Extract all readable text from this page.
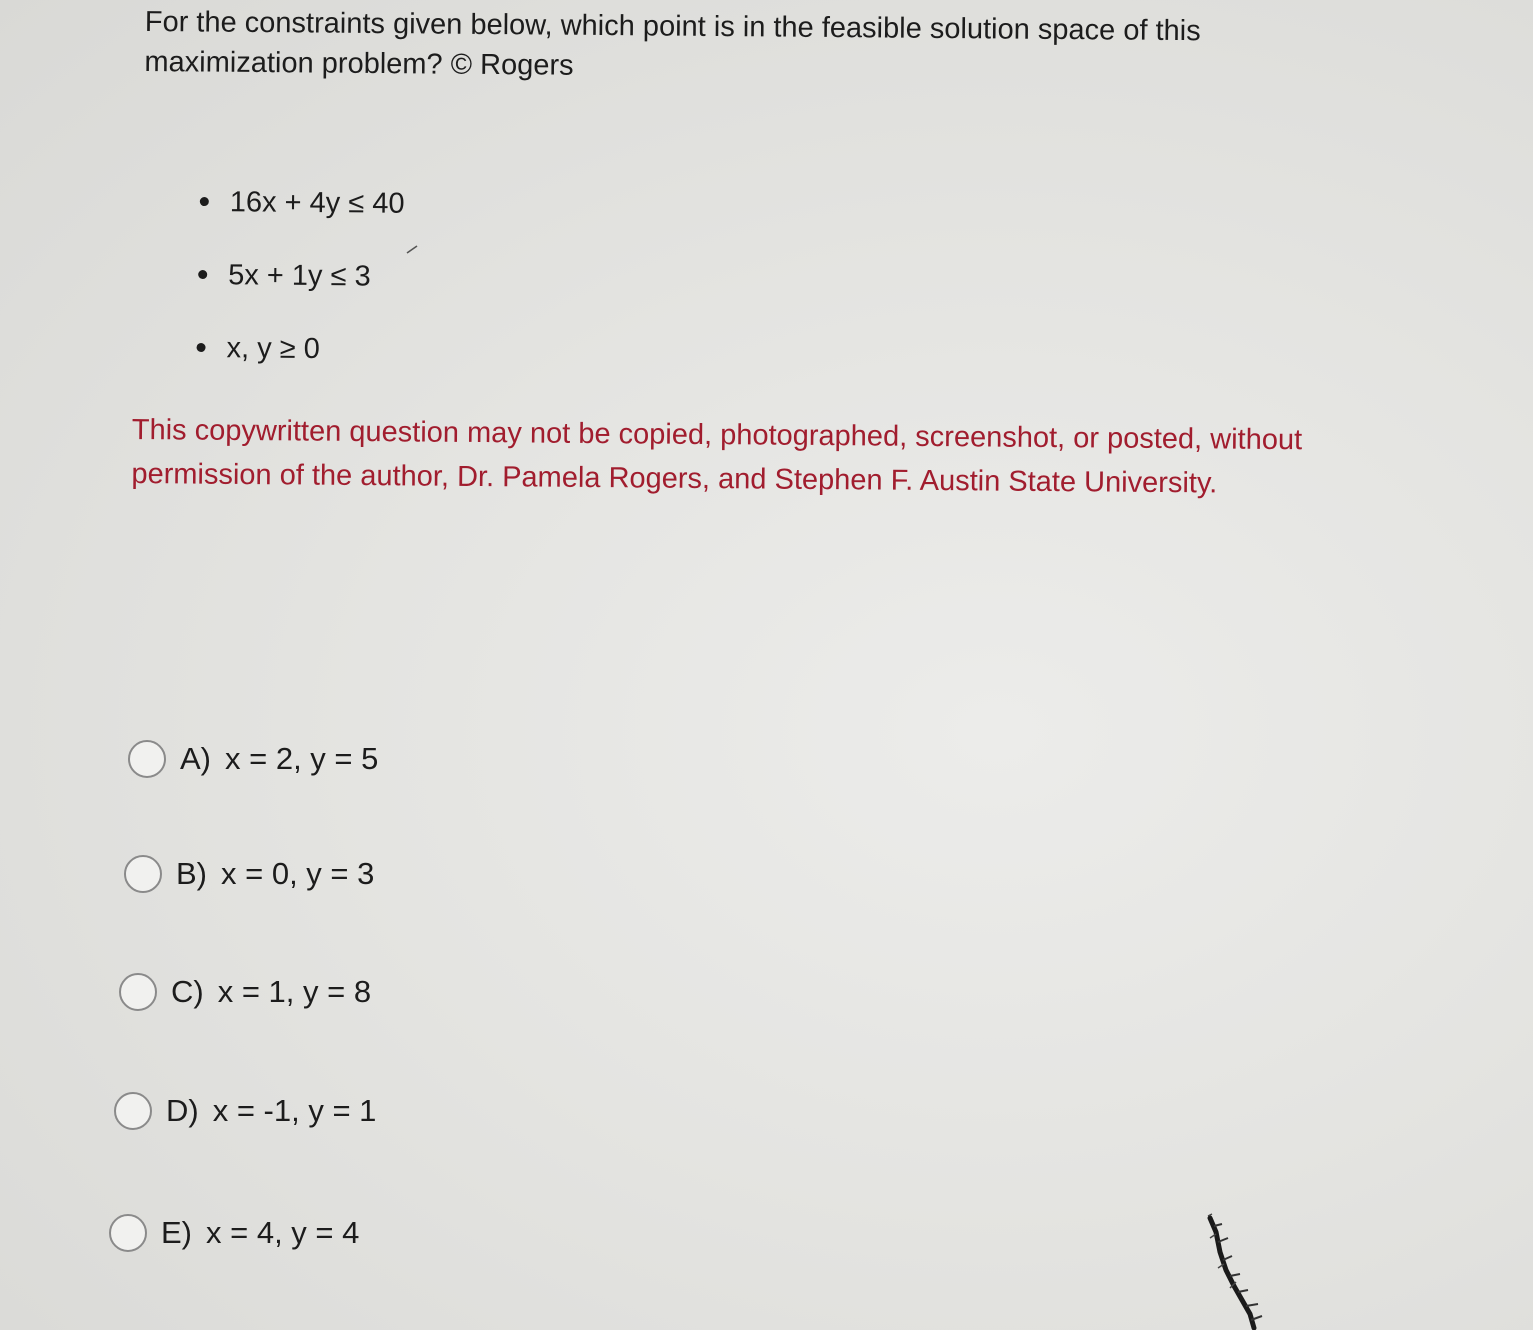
For the constraints given below, which point is in the feasible solution space of this maximization problem? © Rogers
16x + 4y ≤ 40
5x + 1y ≤ 3
x, y ≥ 0
This copywritten question may not be copied, photographed, screenshot, or posted, without permission of the author, Dr. Pamela Rogers, and Stephen F. Austin State University.
A) x = 2, y = 5
B) x = 0, y = 3
C) x = 1, y = 8
D) x = -1, y = 1
E) x = 4, y = 4
